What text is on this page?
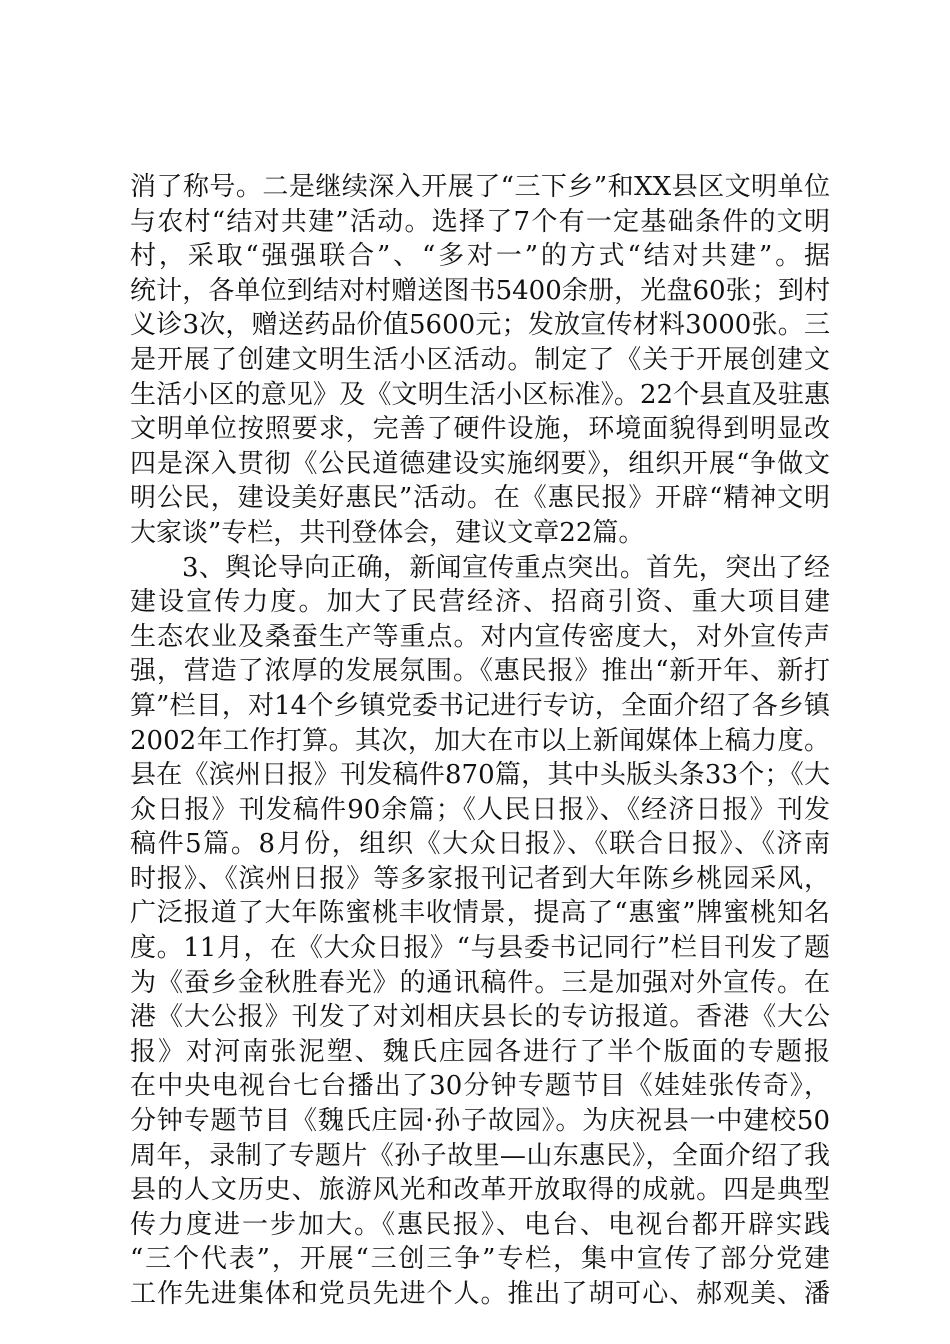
消了称号。二是继续深入开展了“三下乡”和XX县区文明单位
与农村“结对共建”活动。选择了7个有一定基础条件的文明
村，采取“强强联合”、“多对一”的方式“结对共建”。据
统计，各单位到结对村赠送图书5400余册，光盘60张；到村
义诊3次，赠送药品价值5600元；发放宣传材料3000张。三
是开展了创建文明生活小区活动。制定了《关于开展创建文
生活小区的意见》及《文明生活小区标准》。22个县直及驻惠
文明单位按照要求，完善了硬件设施，环境面貌得到明显改
四是深入贯彻《公民道德建设实施纲要》，组织开展“争做文
明公民，建设美好惠民”活动。在《惠民报》开辟“精神文明
大家谈”专栏，共刊登体会，建议文章22篇。
3、舆论导向正确，新闻宣传重点突出。首先，突出了经
建设宣传力度。加大了民营经济、招商引资、重大项目建
生态农业及桑蚕生产等重点。对内宣传密度大，对外宣传声
强，营造了浓厚的发展氛围。《惠民报》推出“新开年、新打
算”栏目，对14个乡镇党委书记进行专访，全面介绍了各乡镇
2002年工作打算。其次，加大在市以上新闻媒体上稿力度。
县在《滨州日报》刊发稿件870篇，其中头版头条33个；《大
众日报》刊发稿件90余篇；《人民日报》、《经济日报》刊发
稿件5篇。8月份，组织《大众日报》、《联合日报》、《济南
时报》、《滨州日报》等多家报刊记者到大年陈乡桃园采风，
广泛报道了大年陈蜜桃丰收情景，提高了“惠蜜”牌蜜桃知名
度。11月，在《大众日报》“与县委书记同行”栏目刊发了题
为《蚕乡金秋胜春光》的通讯稿件。三是加强对外宣传。在
港《大公报》刊发了对刘相庆县长的专访报道。香港《大公
报》对河南张泥塑、魏氏庄园各进行了半个版面的专题报
在中央电视台七台播出了30分钟专题节目《娃娃张传奇》，
分钟专题节目《魏氏庄园·孙子故园》。为庆祝县一中建校50
周年，录制了专题片《孙子故里—山东惠民》，全面介绍了我
县的人文历史、旅游风光和改革开放取得的成就。四是典型
传力度进一步加大。《惠民报》、电台、电视台都开辟实践
“三个代表”，开展“三创三争”专栏，集中宣传了部分党建
工作先进集体和党员先进个人。推出了胡可心、郝观美、潘
